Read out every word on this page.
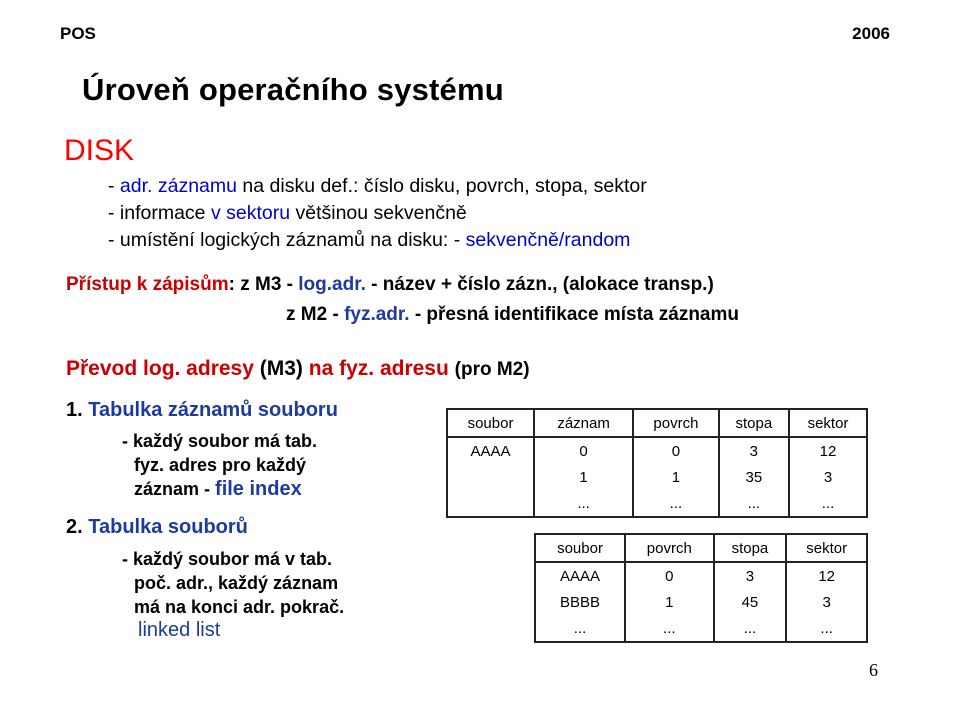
POS	2006
Úroveň operačního systému
DISK
- adr. záznamu na disku def.: číslo disku, povrch, stopa, sektor
- informace v sektoru většinou sekvenčně
- umístění logických záznamů na disku: - sekvenčně/random
Přístup k zápisům: z M3 - log.adr. - název + číslo zázn., (alokace transp.)
z M2 - fyz.adr. - přesná identifikace místa záznamu
Převod log. adresy (M3) na fyz. adresu (pro M2)
1. Tabulka záznamů souboru
- každý soubor má tab.
fyz. adres pro každý
záznam - file index
2. Tabulka souborů
- každý soubor má v tab.
poč. adr., každý záznam
má na konci adr. pokrač.
linked list
soubor	záznam	povrch	stopa	sektor
AAAA	0	0	3	12
	1	1	35	3
	...	...	...	...
soubor	povrch	stopa	sektor
AAAA	0	3	12
BBBB	1	45	3
...	...	...	...
6
